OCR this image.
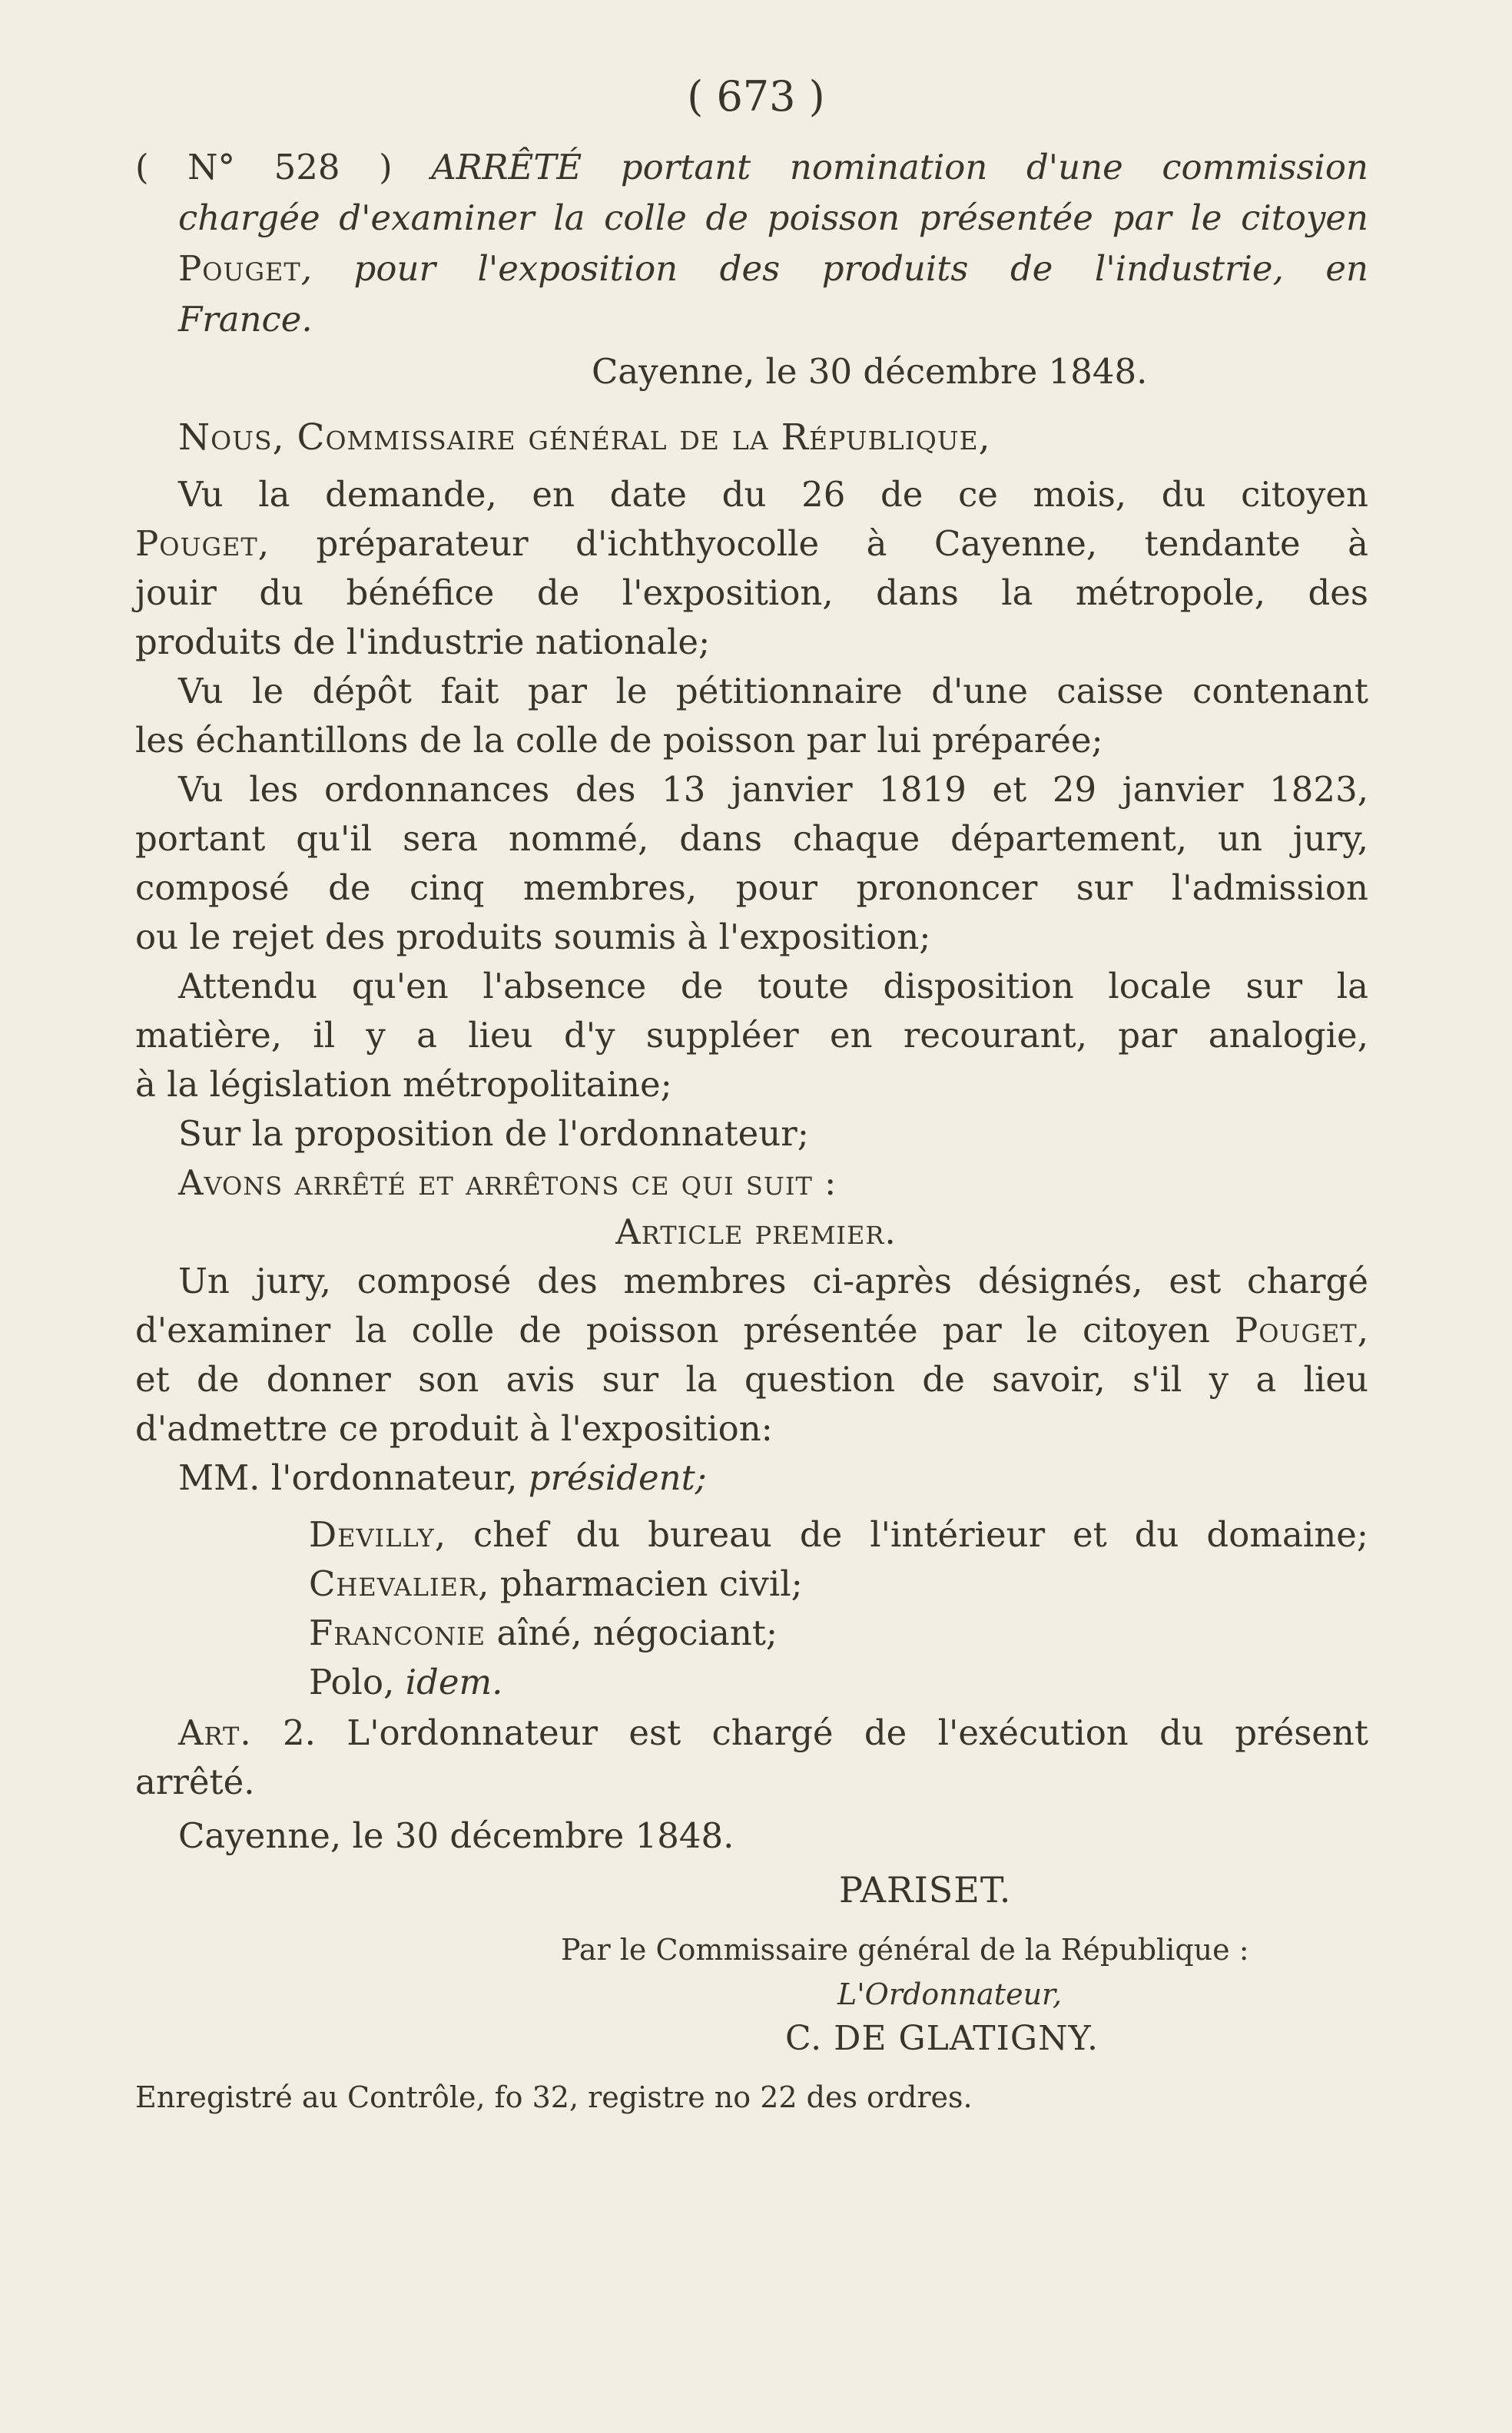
( 673 )
( N° 528 ) ARRÊTÉ portant nomination d'une commission
chargée d'examiner la colle de poisson présentée par le citoyen
Pouget, pour l'exposition des produits de l'industrie, en
France.
Cayenne, le 30 décembre 1848.
Nous, Commissaire général de la République,
Vu la demande, en date du 26 de ce mois, du citoyen
Pouget, préparateur d'ichthyocolle à Cayenne, tendante à
jouir du bénéfice de l'exposition, dans la métropole, des
produits de l'industrie nationale;
Vu le dépôt fait par le pétitionnaire d'une caisse contenant
les échantillons de la colle de poisson par lui préparée;
Vu les ordonnances des 13 janvier 1819 et 29 janvier 1823,
portant qu'il sera nommé, dans chaque département, un jury,
composé de cinq membres, pour prononcer sur l'admission
ou le rejet des produits soumis à l'exposition;
Attendu qu'en l'absence de toute disposition locale sur la
matière, il y a lieu d'y suppléer en recourant, par analogie,
à la législation métropolitaine;
Sur la proposition de l'ordonnateur;
Avons arrêté et arrêtons ce qui suit :
Article premier.
Un jury, composé des membres ci-après désignés, est chargé
d'examiner la colle de poisson présentée par le citoyen Pouget,
et de donner son avis sur la question de savoir, s'il y a lieu
d'admettre ce produit à l'exposition:
MM. l'ordonnateur, président;
Devilly, chef du bureau de l'intérieur et du domaine;
Chevalier, pharmacien civil;
Franconie aîné, négociant;
Polo, idem.
Art. 2. L'ordonnateur est chargé de l'exécution du présent
arrêté.
Cayenne, le 30 décembre 1848.
PARISET.
Par le Commissaire général de la République :
L'Ordonnateur,
C. DE GLATIGNY.
Enregistré au Contrôle, fo 32, registre no 22 des ordres.
